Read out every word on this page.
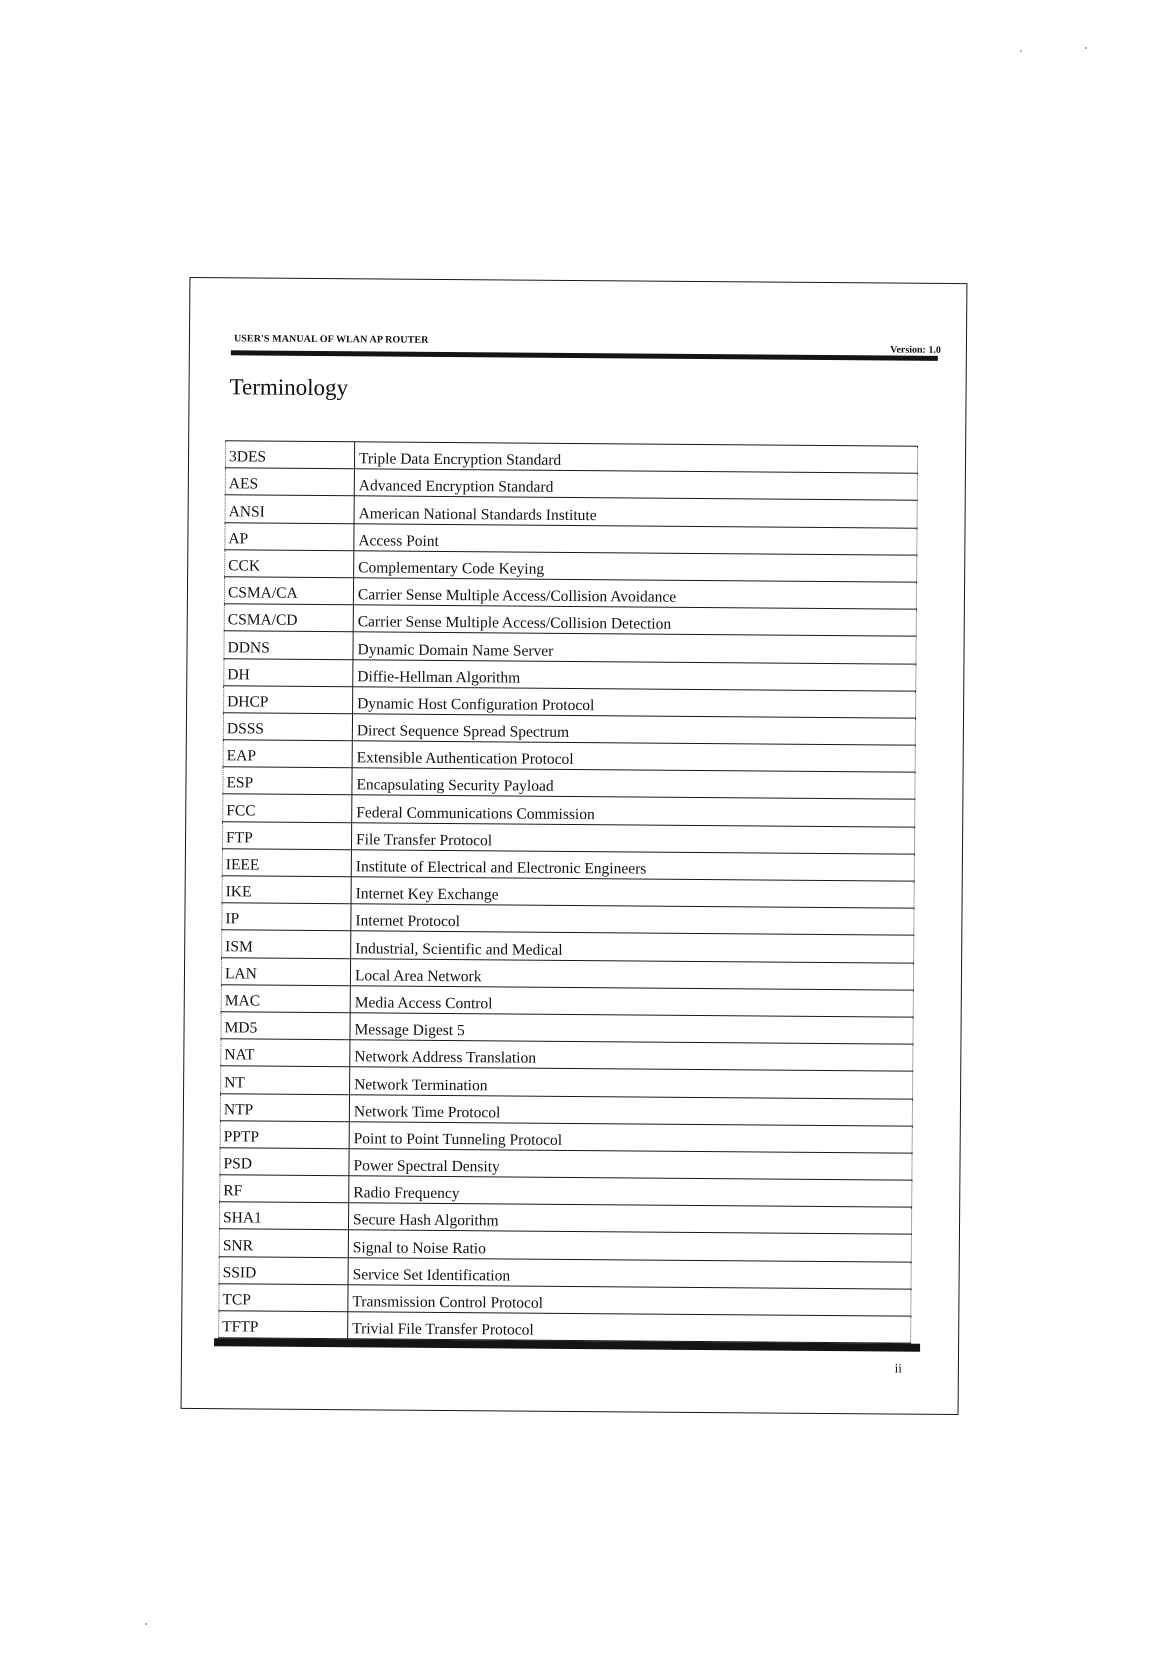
USER'S MANUAL OF WLAN AP ROUTER
Version: 1.0
Terminology
3DES	Triple Data Encryption Standard
AES	Advanced Encryption Standard
ANSI	American National Standards Institute
AP	Access Point
CCK	Complementary Code Keying
CSMA/CA	Carrier Sense Multiple Access/Collision Avoidance
CSMA/CD	Carrier Sense Multiple Access/Collision Detection
DDNS	Dynamic Domain Name Server
DH	Diffie-Hellman Algorithm
DHCP	Dynamic Host Configuration Protocol
DSSS	Direct Sequence Spread Spectrum
EAP	Extensible Authentication Protocol
ESP	Encapsulating Security Payload
FCC	Federal Communications Commission
FTP	File Transfer Protocol
IEEE	Institute of Electrical and Electronic Engineers
IKE	Internet Key Exchange
IP	Internet Protocol
ISM	Industrial, Scientific and Medical
LAN	Local Area Network
MAC	Media Access Control
MD5	Message Digest 5
NAT	Network Address Translation
NT	Network Termination
NTP	Network Time Protocol
PPTP	Point to Point Tunneling Protocol
PSD	Power Spectral Density
RF	Radio Frequency
SHA1	Secure Hash Algorithm
SNR	Signal to Noise Ratio
SSID	Service Set Identification
TCP	Transmission Control Protocol
TFTP	Trivial File Transfer Protocol
ii
